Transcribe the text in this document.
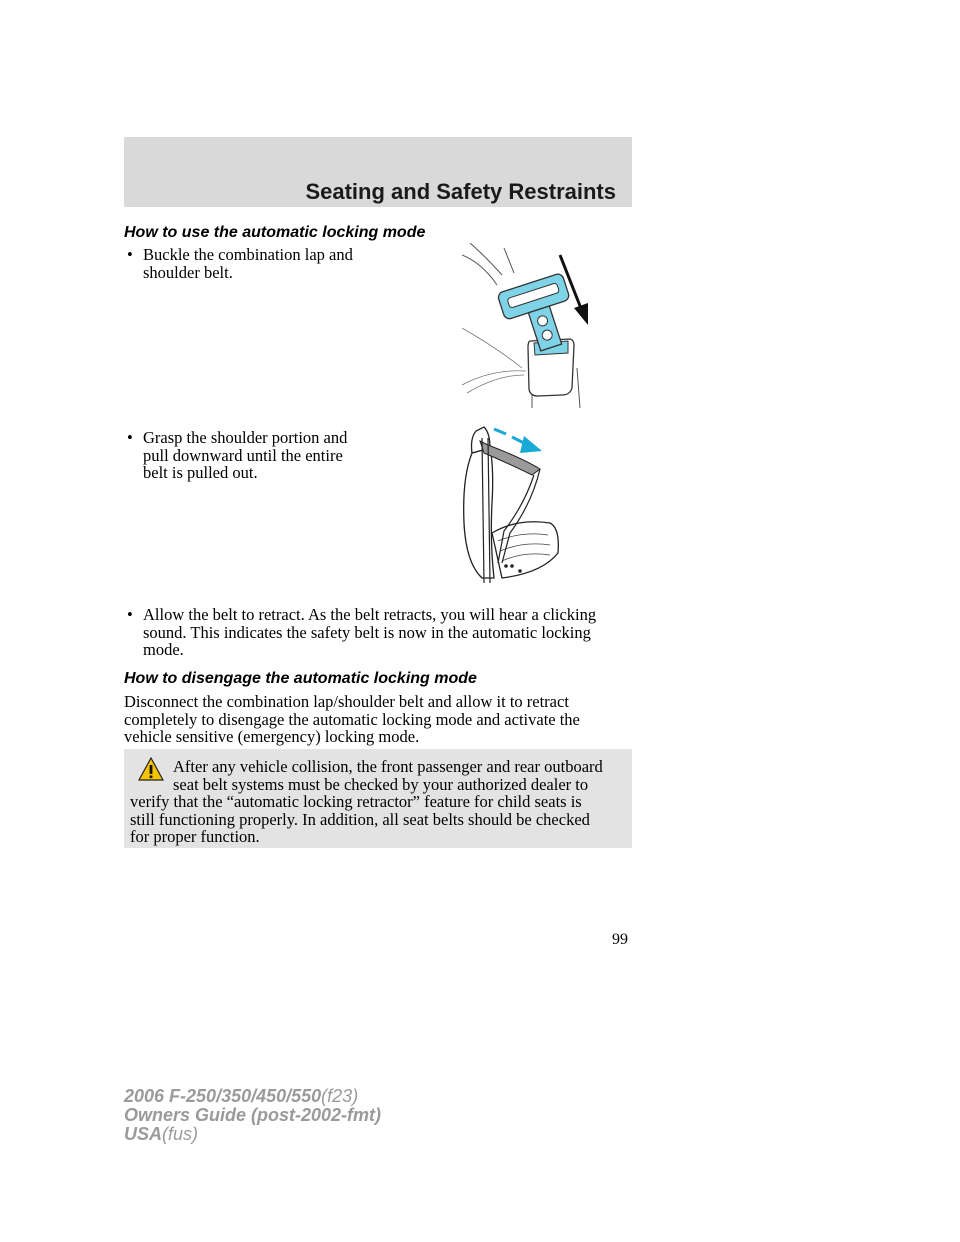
Seating and Safety Restraints
How to use the automatic locking mode
• Buckle the combination lap and
shoulder belt.
• Grasp the shoulder portion and
pull downward until the entire
belt is pulled out.
• Allow the belt to retract. As the belt retracts, you will hear a clicking
sound. This indicates the safety belt is now in the automatic locking
mode.
How to disengage the automatic locking mode
Disconnect the combination lap/shoulder belt and allow it to retract
completely to disengage the automatic locking mode and activate the
vehicle sensitive (emergency) locking mode.
After any vehicle collision, the front passenger and rear outboard
seat belt systems must be checked by your authorized dealer to
verify that the “automatic locking retractor” feature for child seats is
still functioning properly. In addition, all seat belts should be checked
for proper function.
99
2006 F-250/350/450/550(f23)
Owners Guide (post-2002-fmt)
USA(fus)
